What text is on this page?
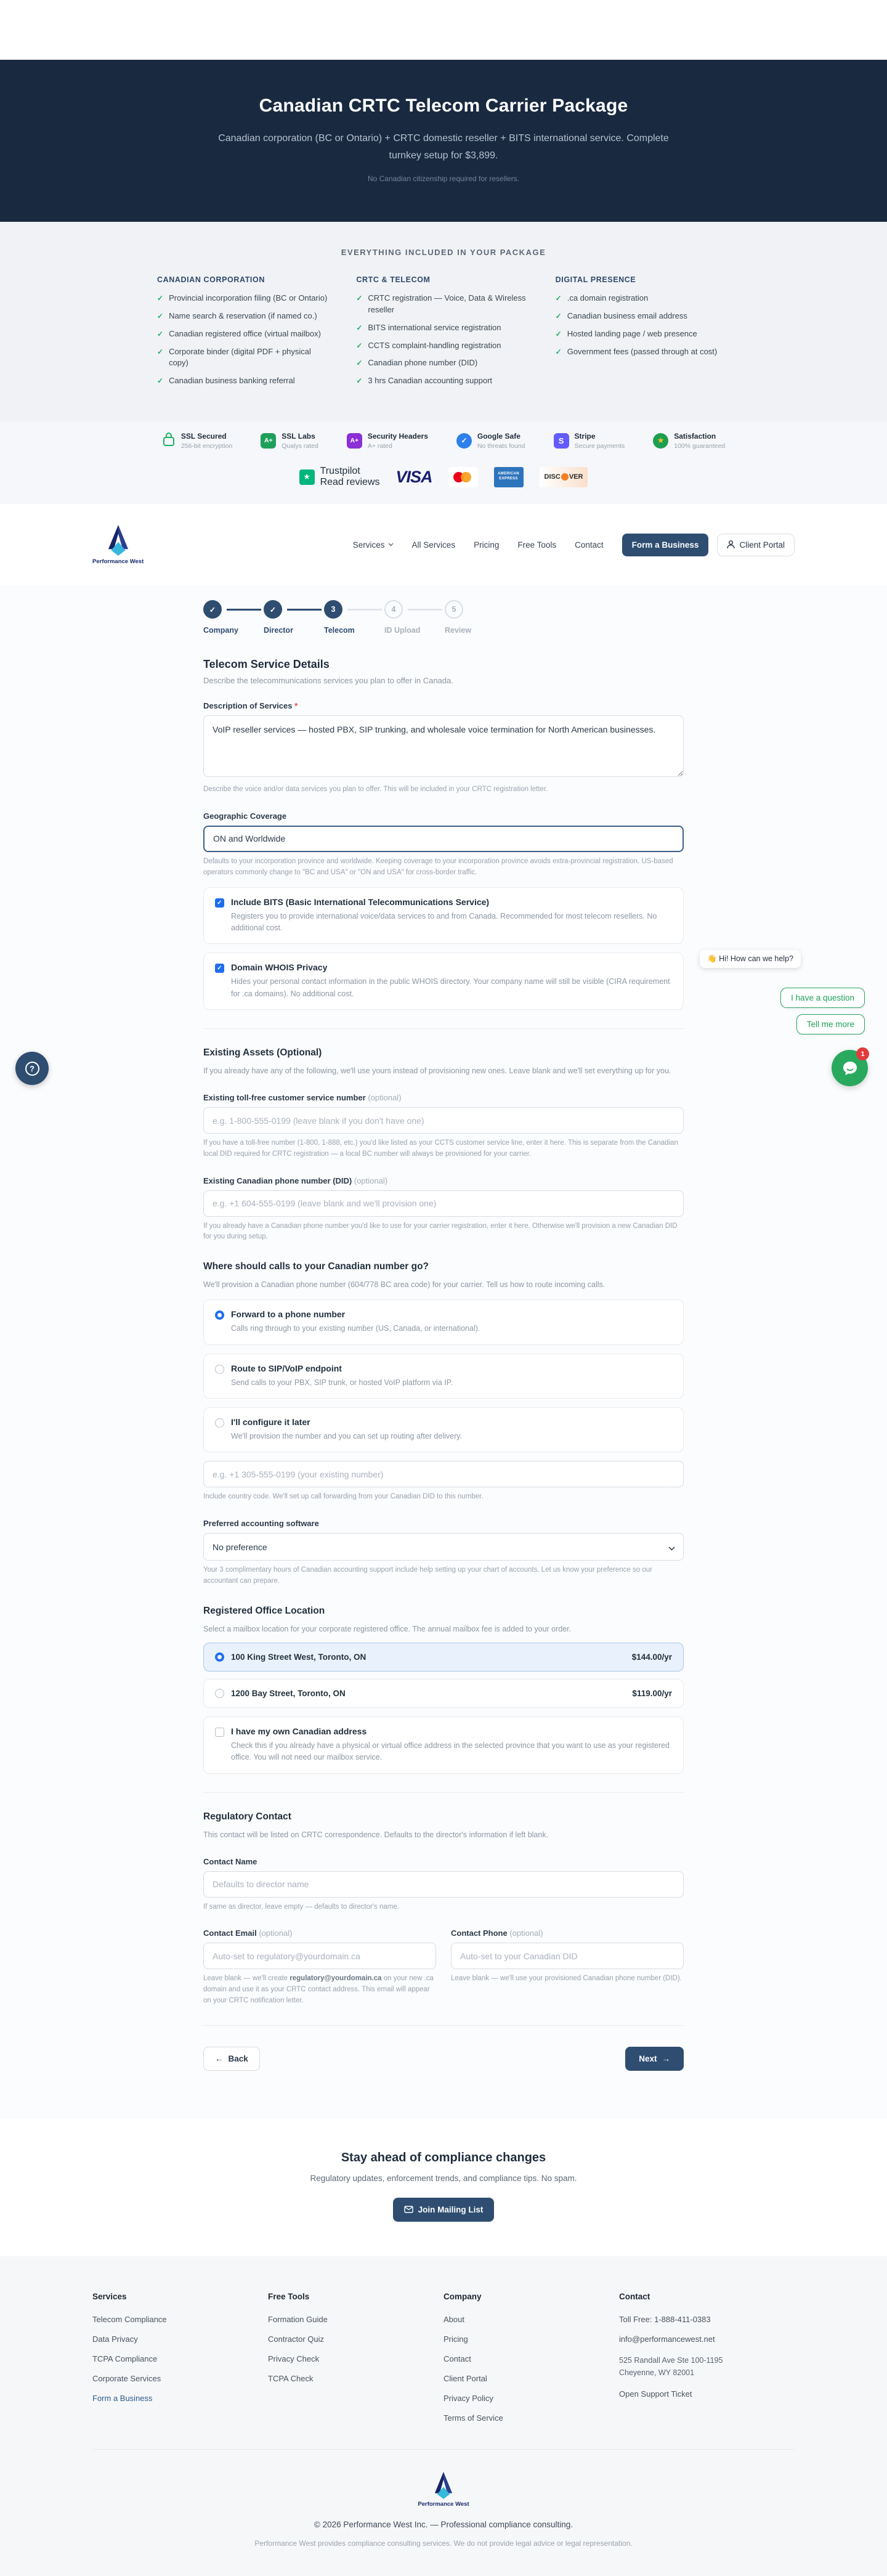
Canadian CRTC Telecom Carrier Package

Canadian corporation (BC or Ontario) + CRTC domestic reseller + BITS international service. Complete turnkey setup for $3,899.

No Canadian citizenship required for resellers.

EVERYTHING INCLUDED IN YOUR PACKAGE
CANADIAN CORPORATION
✓ Provincial incorporation filing (BC or Ontario)
✓ Name search & reservation (if named co.)
✓ Canadian registered office (virtual mailbox)
✓ Corporate binder (digital PDF + physical copy)
✓ Canadian business banking referral
CRTC & TELECOM
✓ CRTC registration — Voice, Data & Wireless reseller
✓ BITS international service registration
✓ CCTS complaint-handling registration
✓ Canadian phone number (DID)
✓ 3 hrs Canadian accounting support
DIGITAL PRESENCE
✓ .ca domain registration
✓ Canadian business email address
✓ Hosted landing page / web presence
✓ Government fees (passed through at cost)
SSL Secured
256-bit encryption
A+
SSL Labs
Qualys rated
A+
Security Headers
A+ rated
✓
Google Safe
No threats found
S	Stripe
Secure payments
★ Satisfaction
100% guaranteed
★
Trustpilot
Read reviews VISA	AMERICAN
EXPRESS	DISC VER
Performance West
Services	All Services Pricing Free Tools Contact	Form a Business	Client Portal
✓	✓	3	4	5
Company	Director	Telecom	ID Upload	Review
Telecom Service Details

Describe the telecommunications services you plan to offer in Canada.

Description of Services *
VoIP reseller services — hosted PBX, SIP trunking, and wholesale voice termination for North American businesses.

Describe the voice and/or data services you plan to offer. This will be included in your CRTC registration letter.

Geographic Coverage
ON and Worldwide

Defaults to your incorporation province and worldwide. Keeping coverage to your incorporation province avoids extra-provincial registration. US-based operators commonly change to "BC and USA" or "ON and USA" for cross-border traffic.

✓ Include BITS (Basic International Telecommunications Service)
Registers you to provide international voice/data services to and from Canada. Recommended for most telecom resellers. No additional cost.
✓ Domain WHOIS Privacy
Hides your personal contact information in the public WHOIS directory. Your company name will still be visible (CIRA requirement for .ca domains). No additional cost.
Existing Assets (Optional)

If you already have any of the following, we'll use yours instead of provisioning new ones. Leave blank and we'll set everything up for you.

Existing toll-free customer service number (optional)
e.g. 1-800-555-0199 (leave blank if you don't have one)

If you have a toll-free number (1-800, 1-888, etc.) you'd like listed as your CCTS customer service line, enter it here. This is separate from the Canadian local DID required for CRTC registration — a local BC number will always be provisioned for your carrier.

Existing Canadian phone number (DID) (optional)
e.g. +1 604-555-0199 (leave blank and we'll provision one)

If you already have a Canadian phone number you'd like to use for your carrier registration, enter it here. Otherwise we'll provision a new Canadian DID for you during setup.

Where should calls to your Canadian number go?

We'll provision a Canadian phone number (604/778 BC area code) for your carrier. Tell us how to route incoming calls.

Forward to a phone number
Calls ring through to your existing number (US, Canada, or international).
Route to SIP/VoIP endpoint
Send calls to your PBX, SIP trunk, or hosted VoIP platform via IP.
I'll configure it later
We'll provision the number and you can set up routing after delivery.
e.g. +1 305-555-0199 (your existing number)

Include country code. We'll set up call forwarding from your Canadian DID to this number.

Preferred accounting software
No preference

Your 3 complimentary hours of Canadian accounting support include help setting up your chart of accounts. Let us know your preference so our accountant can prepare.

Registered Office Location

Select a mailbox location for your corporate registered office. The annual mailbox fee is added to your order.

100 King Street West, Toronto, ON	$144.00/yr
1200 Bay Street, Toronto, ON	$119.00/yr
I have my own Canadian address
Check this if you already have a physical or virtual office address in the selected province that you want to use as your registered office. You will not need our mailbox service.
Regulatory Contact

This contact will be listed on CRTC correspondence. Defaults to the director's information if left blank.

Contact Name
Defaults to director name

If same as director, leave empty — defaults to director's name.

Contact Email (optional)
Auto-set to regulatory@yourdomain.ca

Leave blank — we'll create regulatory@yourdomain.ca on your new .ca domain and use it as your CRTC contact address. This email will appear on your CRTC notification letter.

Contact Phone (optional)
Auto-set to your Canadian DID

Leave blank — we'll use your provisioned Canadian phone number (DID).

← Back	Next →
Stay ahead of compliance changes

Regulatory updates, enforcement trends, and compliance tips. No spam.

Join Mailing List
Services
Telecom Compliance
Data Privacy
TCPA Compliance
Corporate Services
Form a Business
Free Tools
Formation Guide
Contractor Quiz
Privacy Check
TCPA Check
Company
About
Pricing
Contact
Client Portal
Privacy Policy
Terms of Service
Contact
Toll Free: 1-888-411-0383
info@performancewest.net
525 Randall Ave Ste 100-1195
Cheyenne, WY 82001
Open Support Ticket
Performance West

© 2026 Performance West Inc. — Professional compliance consulting.

Performance West provides compliance consulting services. We do not provide legal advice or legal representation.

👋 Hi! How can we help?
I have a question
Tell me more
1
?
